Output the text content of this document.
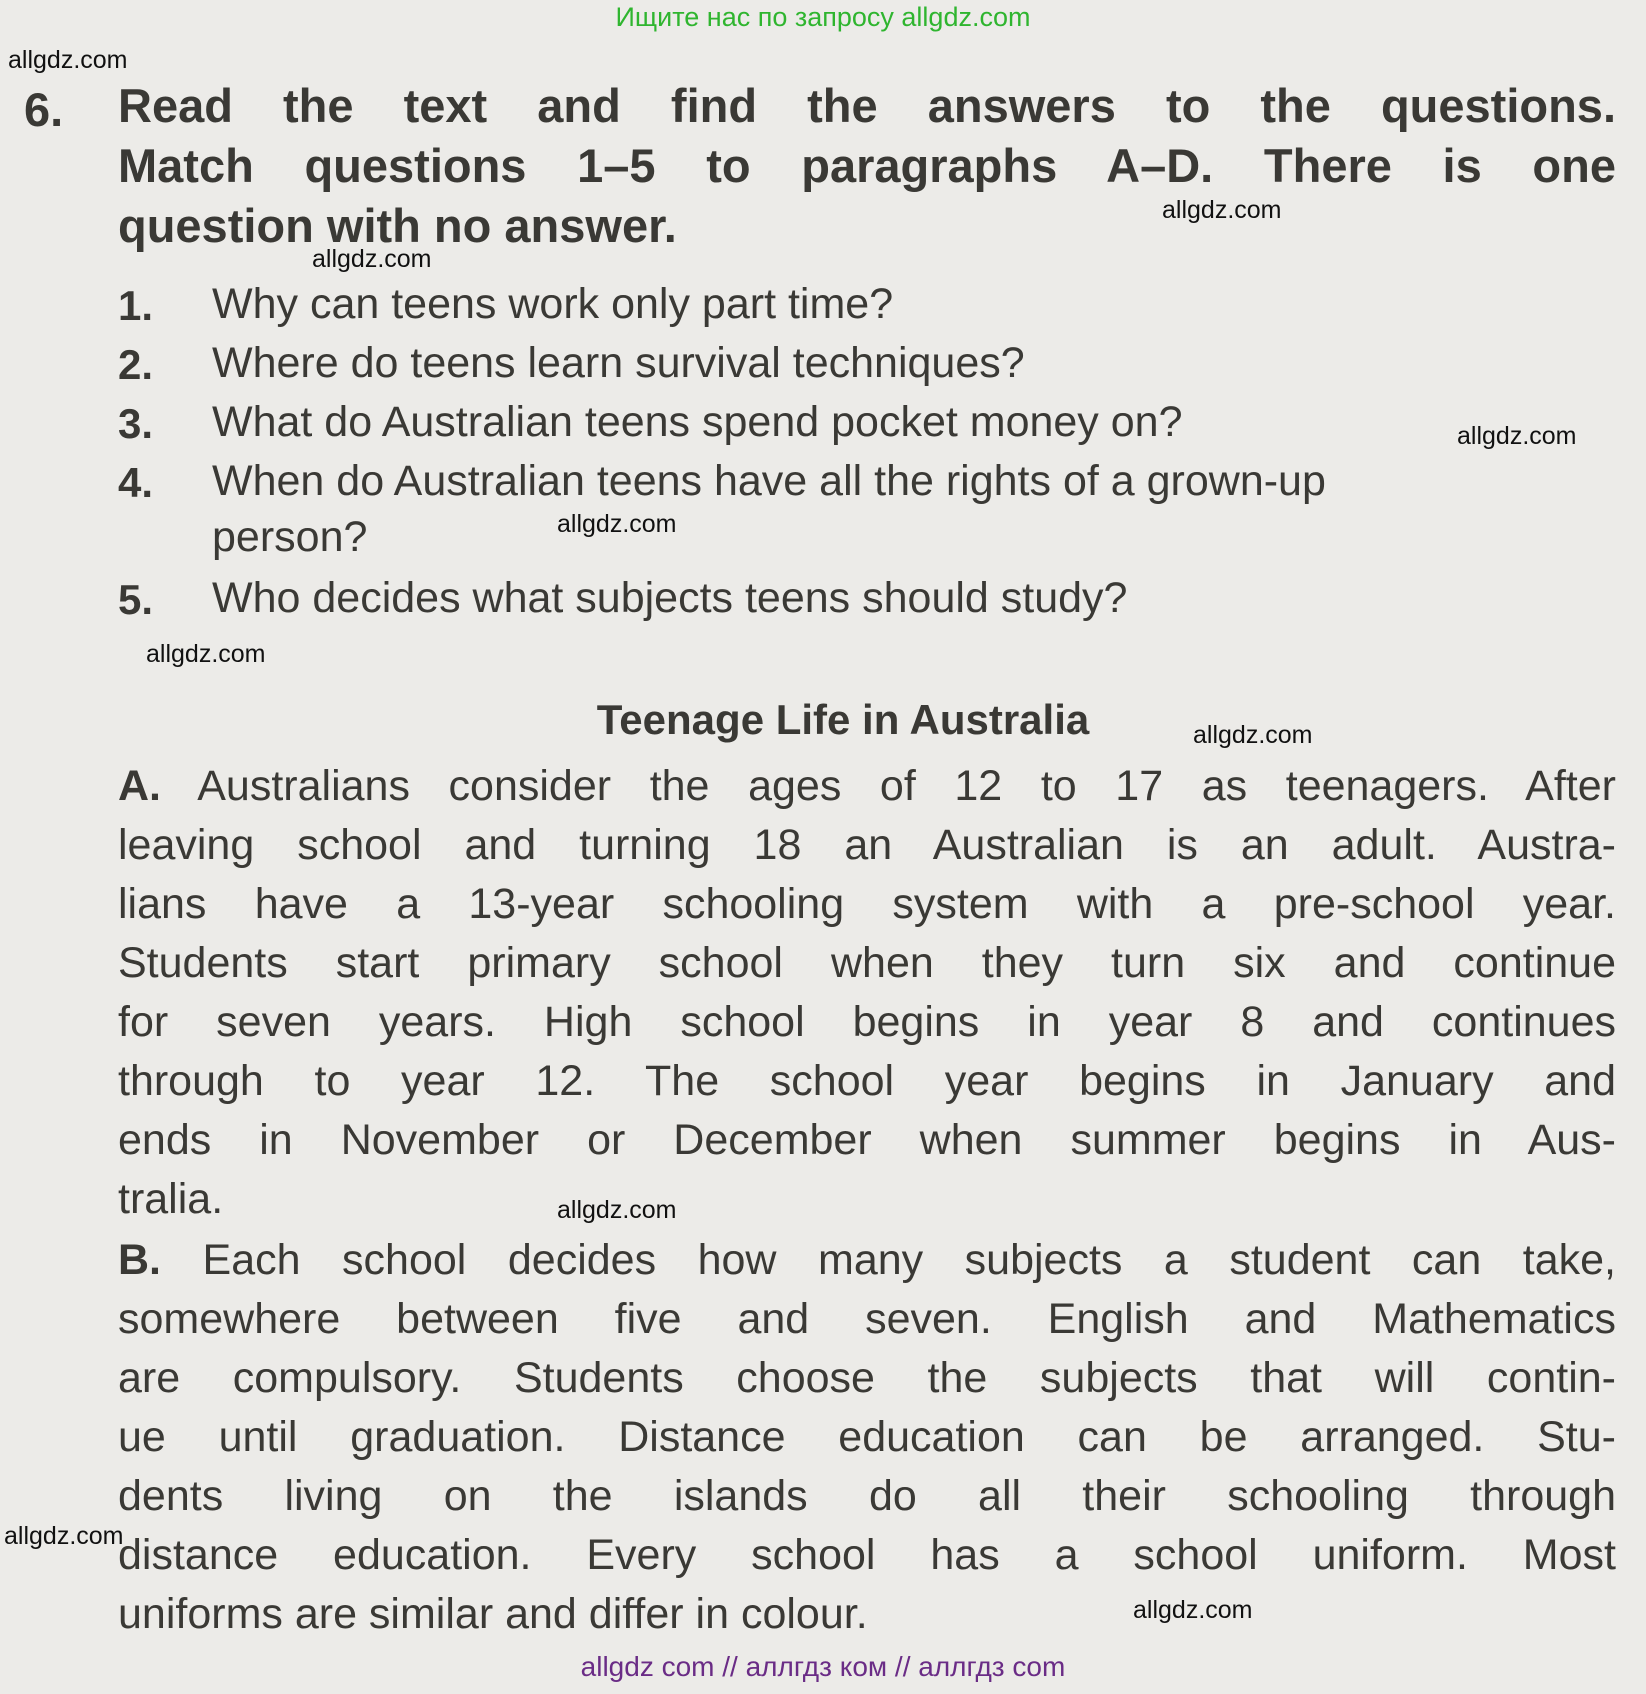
Ищите нас по запросу allgdz.com
allgdz.com
allgdz.com
allgdz.com
allgdz.com
allgdz.com
allgdz.com
allgdz.com
allgdz.com
allgdz.com
allgdz.com
6. Read the text and find the answers to the questions.
Match questions 1–5 to paragraphs A–D. There is one
question with no answer.
1. Why can teens work only part time?
2. Where do teens learn survival techniques?
3. What do Australian teens spend pocket money on?
4. When do Australian teens have all the rights of a grown-up
person?
5. Who decides what subjects teens should study?
Teenage Life in Australia
A. Australians consider the ages of 12 to 17 as teenagers. After
leaving school and turning 18 an Australian is an adult. Austra-
lians have a 13-year schooling system with a pre-school year.
Students start primary school when they turn six and continue
for seven years. High school begins in year 8 and continues
through to year 12. The school year begins in January and
ends in November or December when summer begins in Aus-
tralia.
B. Each school decides how many subjects a student can take,
somewhere between five and seven. English and Mathematics
are compulsory. Students choose the subjects that will contin-
ue until graduation. Distance education can be arranged. Stu-
dents living on the islands do all their schooling through
distance education. Every school has a school uniform. Most
uniforms are similar and differ in colour.
allgdz com // аллгдз ком // аллгдз com
